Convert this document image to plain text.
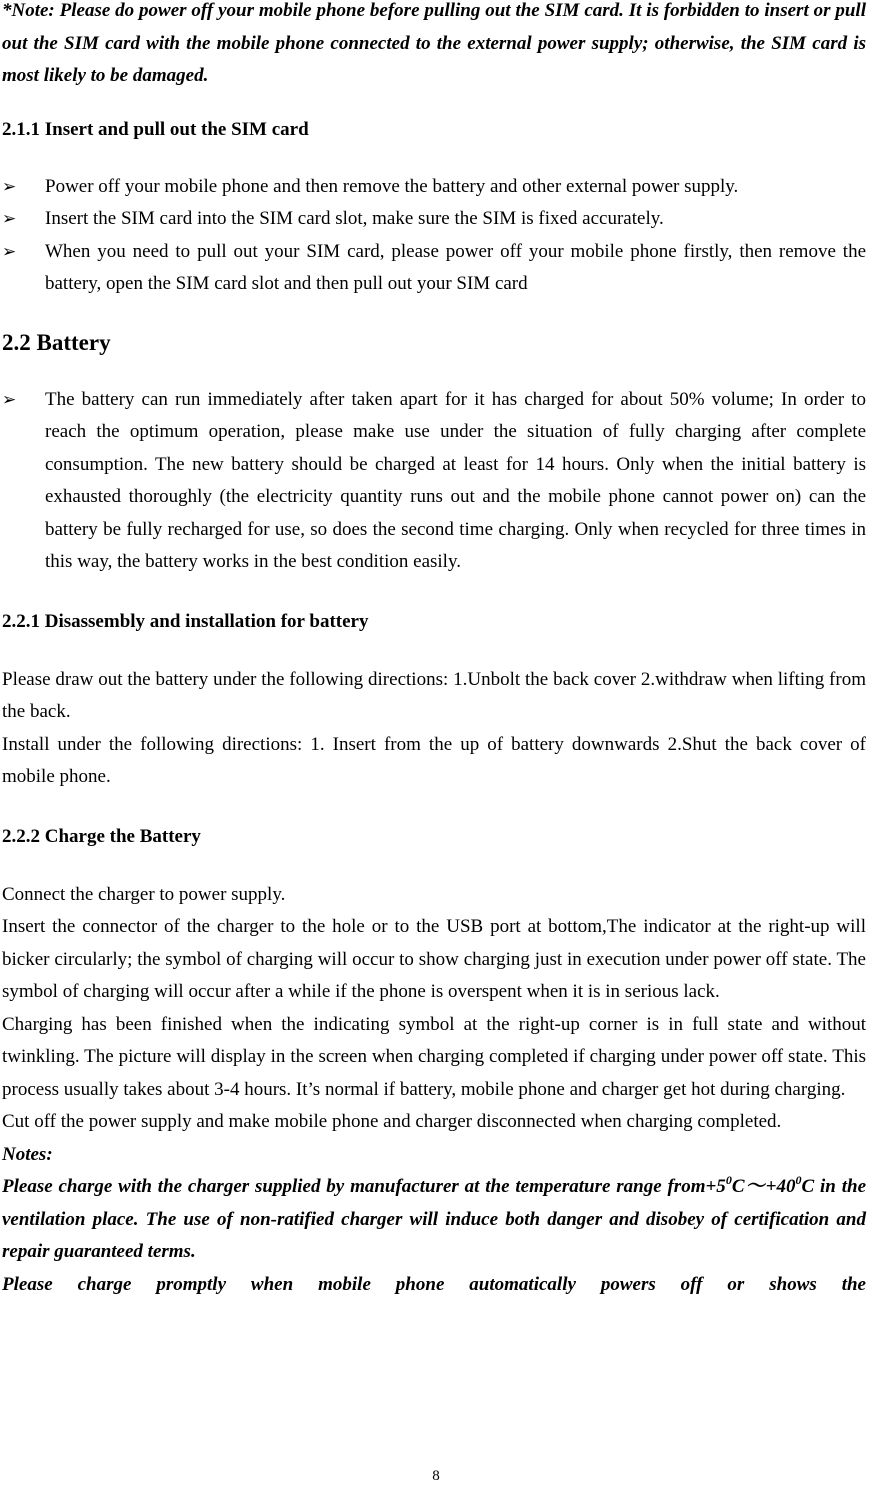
*Note: Please do power off your mobile phone before pulling out the SIM card. It is forbidden to insert or pull out the SIM card with the mobile phone connected to the external power supply; otherwise, the SIM card is most likely to be damaged.

2.1.1 Insert and pull out the SIM card
➢ Power off your mobile phone and then remove the battery and other external power supply.
➢ Insert the SIM card into the SIM card slot, make sure the SIM is fixed accurately.
➢ When you need to pull out your SIM card, please power off your mobile phone firstly, then remove the battery, open the SIM card slot and then pull out your SIM card
2.2 Battery
➢ The battery can run immediately after taken apart for it has charged for about 50% volume; In order to reach the optimum operation, please make use under the situation of fully charging after complete consumption. The new battery should be charged at least for 14 hours. Only when the initial battery is exhausted thoroughly (the electricity quantity runs out and the mobile phone cannot power on) can the battery be fully recharged for use, so does the second time charging. Only when recycled for three times in this way, the battery works in the best condition easily.
2.2.1 Disassembly and installation for battery

Please draw out the battery under the following directions: 1.Unbolt the back cover 2.withdraw when lifting from the back.

Install under the following directions: 1. Insert from the up of battery downwards 2.Shut the back cover of mobile phone.

2.2.2 Charge the Battery

Connect the charger to power supply.

Insert the connector of the charger to the hole or to the USB port at bottom,The indicator at the right-up will bicker circularly; the symbol of charging will occur to show charging just in execution under power off state. The symbol of charging will occur after a while if the phone is overspent when it is in serious lack.

Charging has been finished when the indicating symbol at the right-up corner is in full state and without twinkling. The picture will display in the screen when charging completed if charging under power off state. This process usually takes about 3-4 hours. It’s normal if battery, mobile phone and charger get hot during charging.

Cut off the power supply and make mobile phone and charger disconnected when charging completed.

Notes:

Please charge with the charger supplied by manufacturer at the temperature range $from+5^0C\sim+40^0C$ in the ventilation place. The use of non-ratified charger will induce both danger and disobey of certification and repair guaranteed terms.

Please charge promptly when mobile phone automatically powers off or shows the

8
